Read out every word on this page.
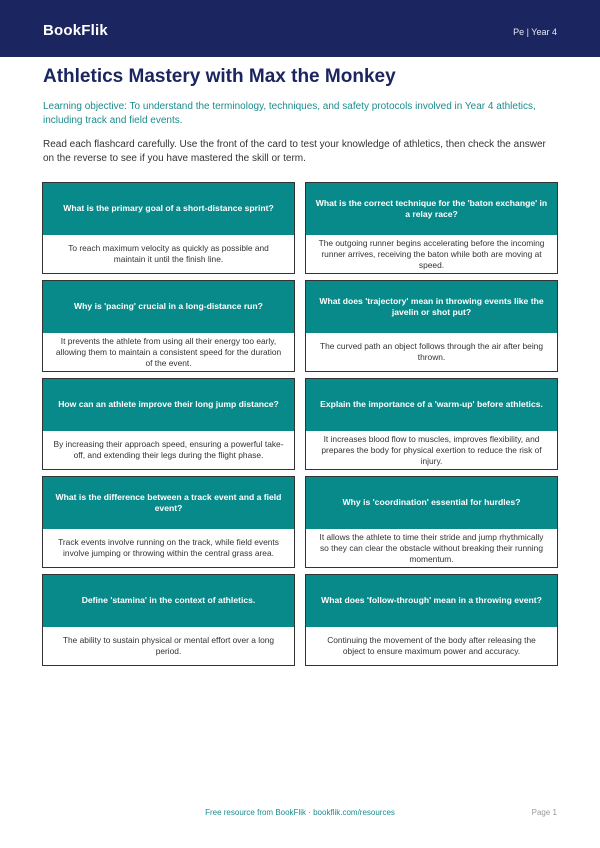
BookFlik	Pe | Year 4
Athletics Mastery with Max the Monkey

Learning objective: To understand the terminology, techniques, and safety protocols involved in Year 4 athletics, including track and field events.

Read each flashcard carefully. Use the front of the card to test your knowledge of athletics, then check the answer on the reverse to see if you have mastered the skill or term.

What is the primary goal of a short-distance sprint?
To reach maximum velocity as quickly as possible and maintain it until the finish line.
What is the correct technique for the 'baton exchange' in a relay race?
The outgoing runner begins accelerating before the incoming runner arrives, receiving the baton while both are moving at speed.
Why is 'pacing' crucial in a long-distance run?
It prevents the athlete from using all their energy too early, allowing them to maintain a consistent speed for the duration of the event.
What does 'trajectory' mean in throwing events like the javelin or shot put?
The curved path an object follows through the air after being thrown.
How can an athlete improve their long jump distance?
By increasing their approach speed, ensuring a powerful take-off, and extending their legs during the flight phase.
Explain the importance of a 'warm-up' before athletics.
It increases blood flow to muscles, improves flexibility, and prepares the body for physical exertion to reduce the risk of injury.
What is the difference between a track event and a field event?
Track events involve running on the track, while field events involve jumping or throwing within the central grass area.
Why is 'coordination' essential for hurdles?
It allows the athlete to time their stride and jump rhythmically so they can clear the obstacle without breaking their running momentum.
Define 'stamina' in the context of athletics.
The ability to sustain physical or mental effort over a long period.
What does 'follow-through' mean in a throwing event?
Continuing the movement of the body after releasing the object to ensure maximum power and accuracy.
Free resource from BookFlik · bookflik.com/resources	Page 1
